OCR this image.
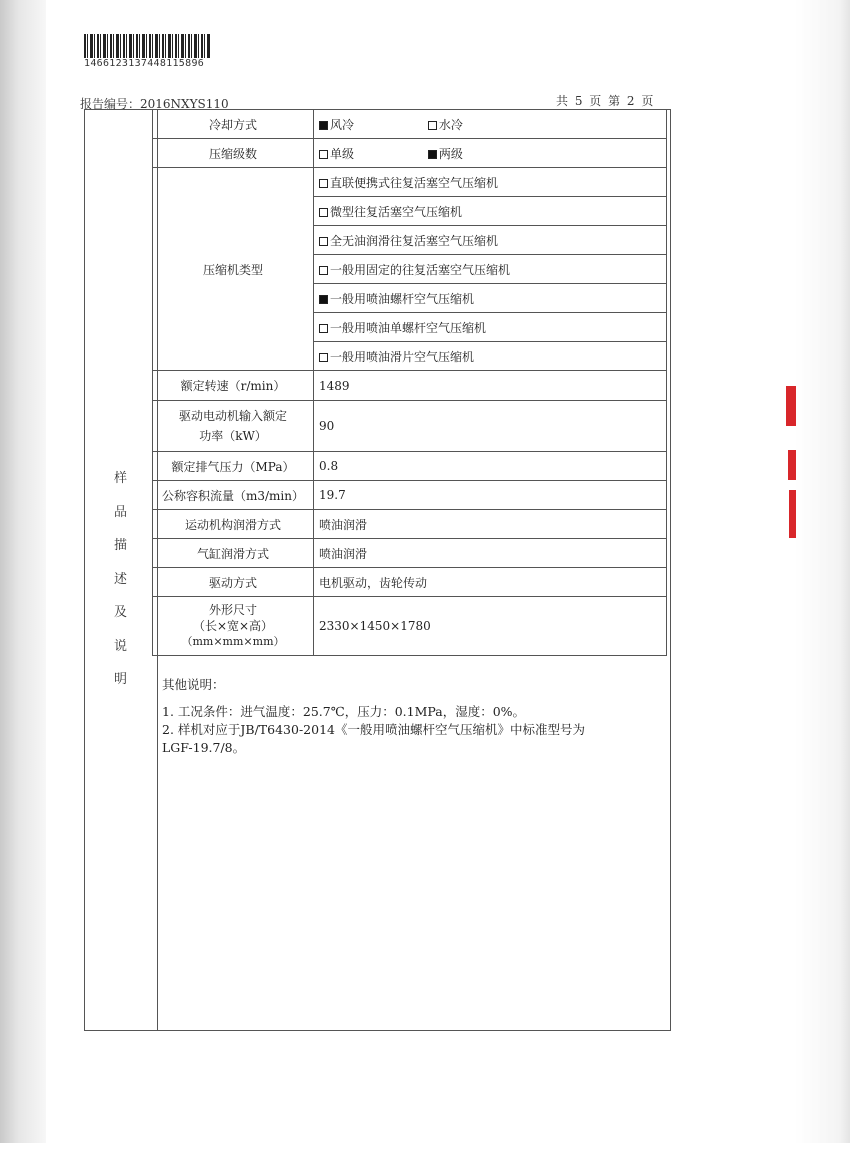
1466123137448115896
报告编号：2016NXYS110	共 5 页 第 2 页
样
品
描
述
及
说
明
冷却方式	风冷 水冷
压缩级数	单级 两级
压缩机类型	直联便携式往复活塞空气压缩机
	微型往复活塞空气压缩机
	全无油润滑往复活塞空气压缩机
	一般用固定的往复活塞空气压缩机
	一般用喷油螺杆空气压缩机
	一般用喷油单螺杆空气压缩机
	一般用喷油滑片空气压缩机
额定转速（r/min）	1489

驱动电动机输入额定
功率（kW）	90
额定排气压力（MPa）	0.8
公称容积流量（m3/min）	19.7
运动机构润滑方式	喷油润滑
气缸润滑方式	喷油润滑
驱动方式	电机驱动，齿轮传动

外形尺寸
（长×宽×高）
（mm×mm×mm）	2330×1450×1780
其他说明：
1. 工况条件：进气温度：25.7℃，压力：0.1MPa，湿度：0%。
2. 样机对应于JB/T6430-2014《一般用喷油螺杆空气压缩机》中标准型号为
LGF-19.7/8。
